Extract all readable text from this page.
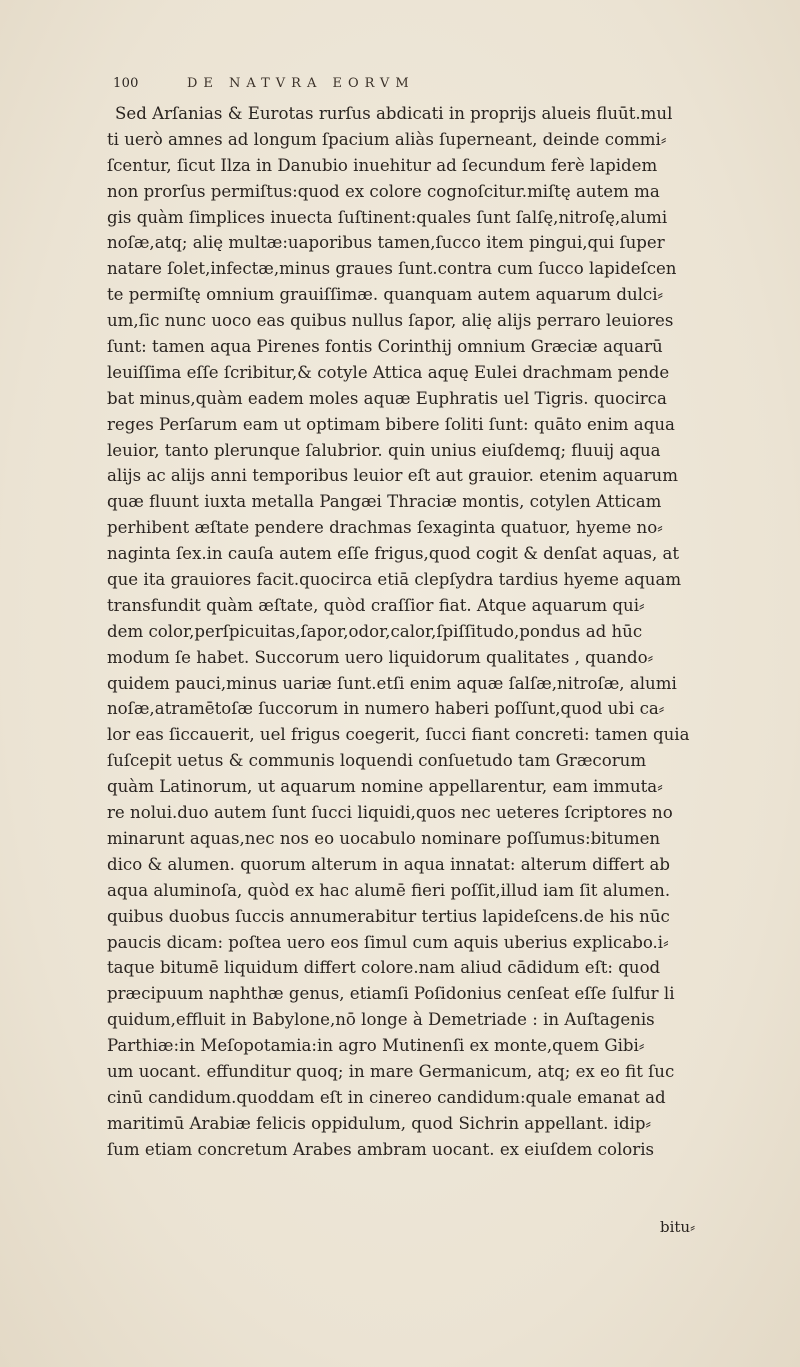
100	DE NATVRA EORVM
Sed Arſanias & Eurotas rurſus abdicati in proprijs alueis fluūt.mul
ti uerò amnes ad longum ſpacium aliàs ſuperneant, deinde commi⸗
ſcentur, ſicut Ilza in Danubio inuehitur ad ſecundum ferè lapidem
non prorſus permiſtus:quod ex colore cognoſcitur.miſtę autem ma
gis quàm ſimplices inuecta ſuſtinent:quales ſunt ſalſę,nitroſę,alumi
noſæ,atq; alię multæ:uaporibus tamen,ſucco item pingui,qui ſuper
natare ſolet,infectæ,minus graues ſunt.contra cum ſucco lapideſcen
te permiſtę omnium grauiſſimæ. quanquam autem aquarum dulci⸗
um,ſic nunc uoco eas quibus nullus ſapor, alię alijs perraro leuiores
ſunt: tamen aqua Pirenes fontis Corinthij omnium Græciæ aquarū
leuiſſima eſſe ſcribitur,& cotyle Attica aquę Eulei drachmam pende
bat minus,quàm eadem moles aquæ Euphratis uel Tigris. quocirca
reges Perſarum eam ut optimam bibere ſoliti ſunt: quāto enim aqua
leuior, tanto plerunque ſalubrior. quin unius eiuſdemq; fluuij aqua
alijs ac alijs anni temporibus leuior eſt aut grauior. etenim aquarum
quæ fluunt iuxta metalla Pangæi Thraciæ montis, cotylen Atticam
perhibent æſtate pendere drachmas ſexaginta quatuor, hyeme no⸗
naginta ſex.in cauſa autem eſſe frigus,quod cogit & denſat aquas, at
que ita grauiores facit.quocirca etiā clepſydra tardius hyeme aquam
transfundit quàm æſtate, quòd craſſior fiat. Atque aquarum qui⸗
dem color,perſpicuitas,ſapor,odor,calor,ſpiſſitudo,pondus ad hūc
modum ſe habet. Succorum uero liquidorum qualitates , quando⸗
quidem pauci,minus uariæ ſunt.etſi enim aquæ ſalſæ,nitroſæ, alumi
noſæ,atramētoſæ ſuccorum in numero haberi poſſunt,quod ubi ca⸗
lor eas ſiccauerit, uel frigus coegerit, ſucci fiant concreti: tamen quia
ſuſcepit uetus & communis loquendi conſuetudo tam Græcorum
quàm Latinorum, ut aquarum nomine appellarentur, eam immuta⸗
re nolui.duo autem ſunt ſucci liquidi,quos nec ueteres ſcriptores no
minarunt aquas,nec nos eo uocabulo nominare poſſumus:bitumen
dico & alumen. quorum alterum in aqua innatat: alterum differt ab
aqua aluminoſa, quòd ex hac alumē fieri poſſit,illud iam ſit alumen.
quibus duobus ſuccis annumerabitur tertius lapideſcens.de his nūc
paucis dicam: poſtea uero eos ſimul cum aquis uberius explicabo.i⸗
taque bitumē liquidum differt colore.nam aliud cādidum eſt: quod
præcipuum naphthæ genus, etiamſi Poſidonius cenſeat eſſe ſulfur li
quidum,effluit in Babylone,nō longe à Demetriade : in Auſtagenis
Parthiæ:in Meſopotamia:in agro Mutinenſi ex monte,quem Gibi⸗
um uocant. effunditur quoq; in mare Germanicum, atq; ex eo fit ſuc
cinū candidum.quoddam eſt in cinereo candidum:quale emanat ad
maritimū Arabiæ felicis oppidulum, quod Sichrin appellant. idip⸗
ſum etiam concretum Arabes ambram uocant. ex eiuſdem coloris
bitu⸗
